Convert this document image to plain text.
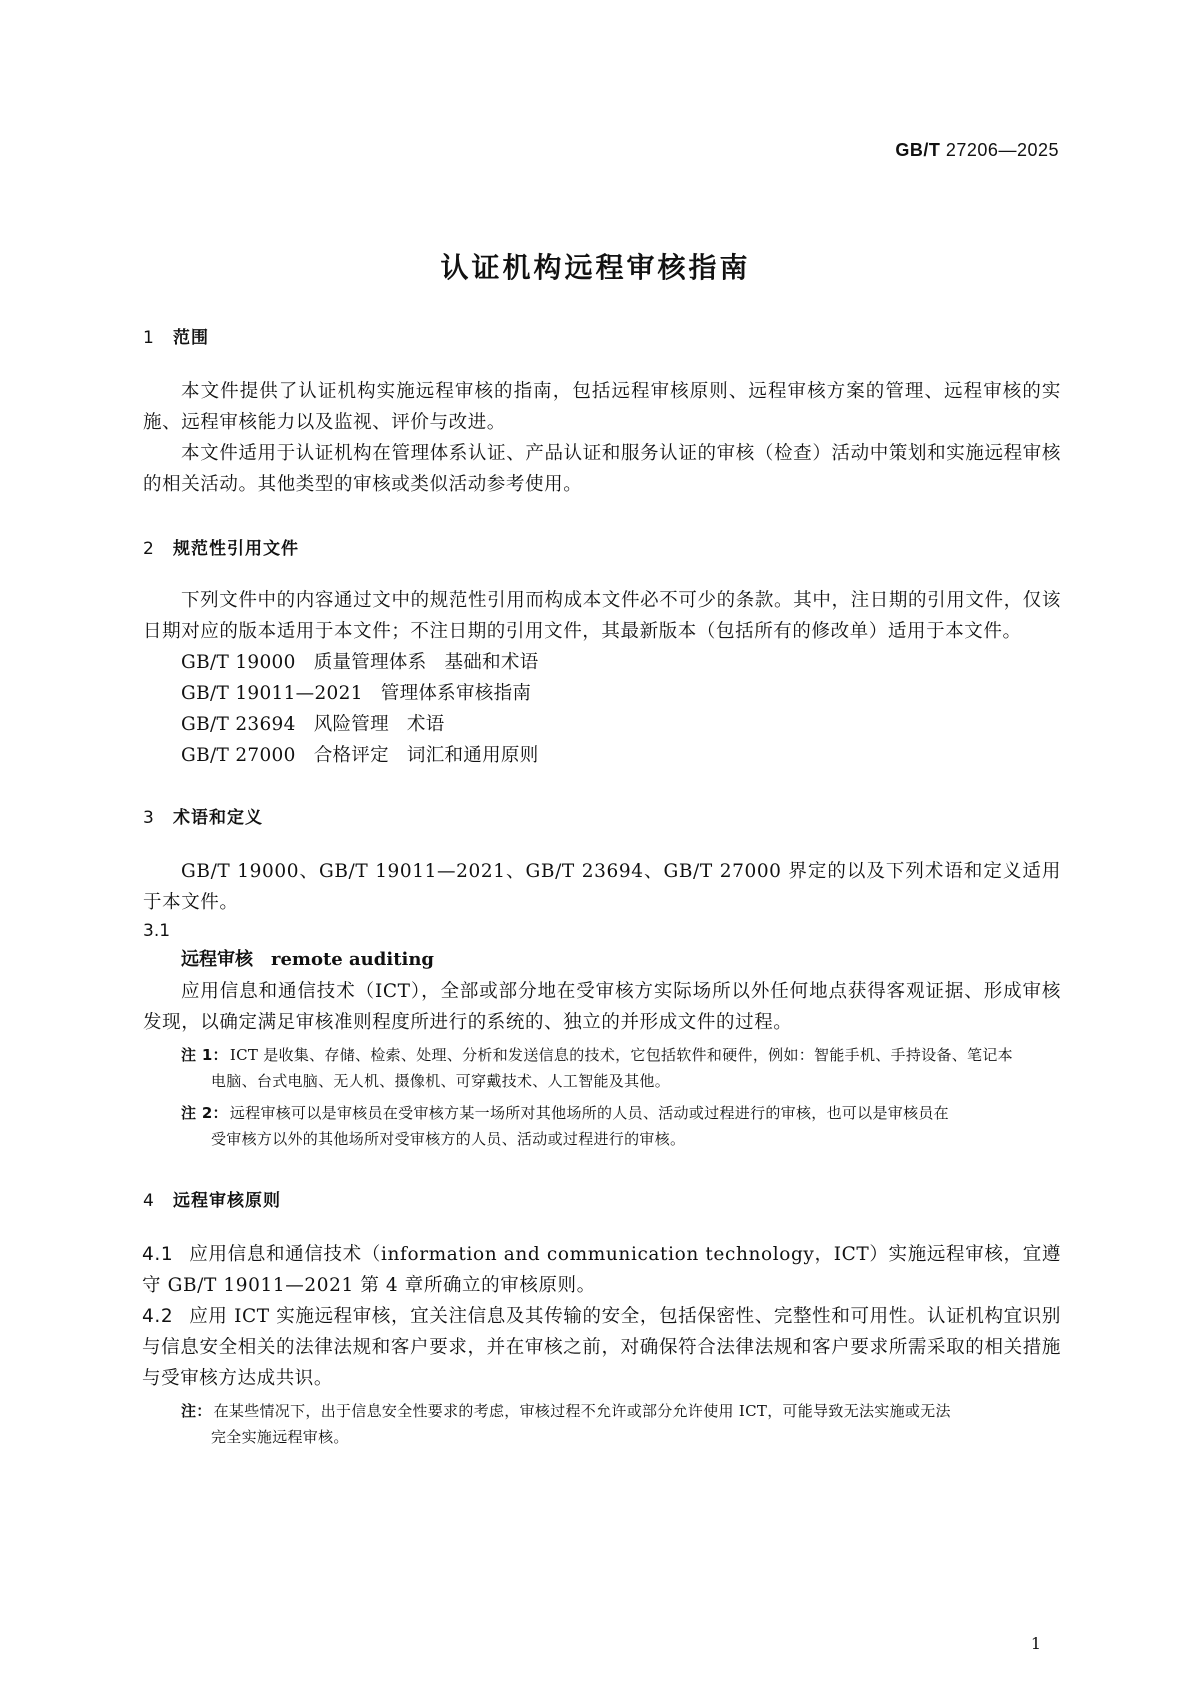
GB/T 27206—2025
认证机构远程审核指南
1 范围

本文件提供了认证机构实施远程审核的指南，包括远程审核原则、远程审核方案的管理、远程审核的实施、远程审核能力以及监视、评价与改进。

本文件适用于认证机构在管理体系认证、产品认证和服务认证的审核（检查）活动中策划和实施远程审核的相关活动。其他类型的审核或类似活动参考使用。

2 规范性引用文件

下列文件中的内容通过文中的规范性引用而构成本文件必不可少的条款。其中，注日期的引用文件，仅该日期对应的版本适用于本文件；不注日期的引用文件，其最新版本（包括所有的修改单）适用于本文件。

GB/T 19000 质量管理体系 基础和术语
GB/T 19011—2021 管理体系审核指南
GB/T 23694 风险管理 术语
GB/T 27000 合格评定 词汇和通用原则
3 术语和定义

GB/T 19000、GB/T 19011—2021、GB/T 23694、GB/T 27000 界定的以及下列术语和定义适用于本文件。

3.1
远程审核 remote auditing

应用信息和通信技术（ICT），全部或部分地在受审核方实际场所以外任何地点获得客观证据、形成审核发现，以确定满足审核准则程度所进行的系统的、独立的并形成文件的过程。

注 1： ICT 是收集、存储、检索、处理、分析和发送信息的技术，它包括软件和硬件，例如：智能手机、手持设备、笔记本
电脑、台式电脑、无人机、摄像机、可穿戴技术、人工智能及其他。
注 2： 远程审核可以是审核员在受审核方某一场所对其他场所的人员、活动或过程进行的审核，也可以是审核员在
受审核方以外的其他场所对受审核方的人员、活动或过程进行的审核。
4 远程审核原则
4.1 应用信息和通信技术（information and communication technology，ICT）实施远程审核，宜遵守 GB/T 19011—2021 第 4 章所确立的审核原则。
4.2 应用 ICT 实施远程审核，宜关注信息及其传输的安全，包括保密性、完整性和可用性。认证机构宜识别与信息安全相关的法律法规和客户要求，并在审核之前，对确保符合法律法规和客户要求所需采取的相关措施与受审核方达成共识。
注： 在某些情况下，出于信息安全性要求的考虑，审核过程不允许或部分允许使用 ICT，可能导致无法实施或无法
完全实施远程审核。
1
